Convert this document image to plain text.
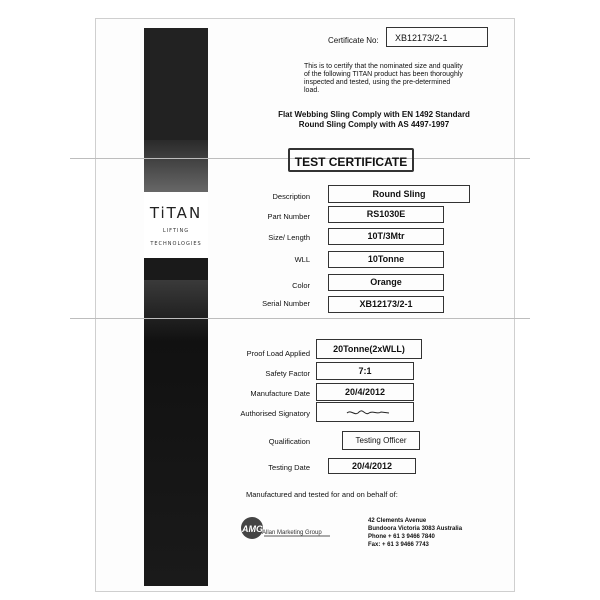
TiTAN
LIFTING
TECHNOLOGIES
Certificate No:	XB12173/2-1
This is to certify that the nominated size and quality of the following TITAN product has been thoroughly inspected and tested, using the pre-determined load.
Flat Webbing Sling Comply with EN 1492 Standard
Round Sling Comply with AS 4497-1997
TEST CERTIFICATE
Description	Round Sling
Part Number	RS1030E
Size/ Length	10T/3Mtr
WLL	10Tonne
Color	Orange
Serial Number	XB12173/2-1
Proof Load Applied	20Tonne(2xWLL)
Safety Factor	7:1
Manufacture Date	20/4/2012
Authorised Signatory
Qualification	Testing Officer
Testing Date	20/4/2012
Manufactured and tested for and on behalf of:
AMG Allan Marketing Group
42 Clements Avenue
Bundoora Victoria 3083 Australia
Phone + 61 3 9466 7840
Fax: + 61 3 9466 7743
